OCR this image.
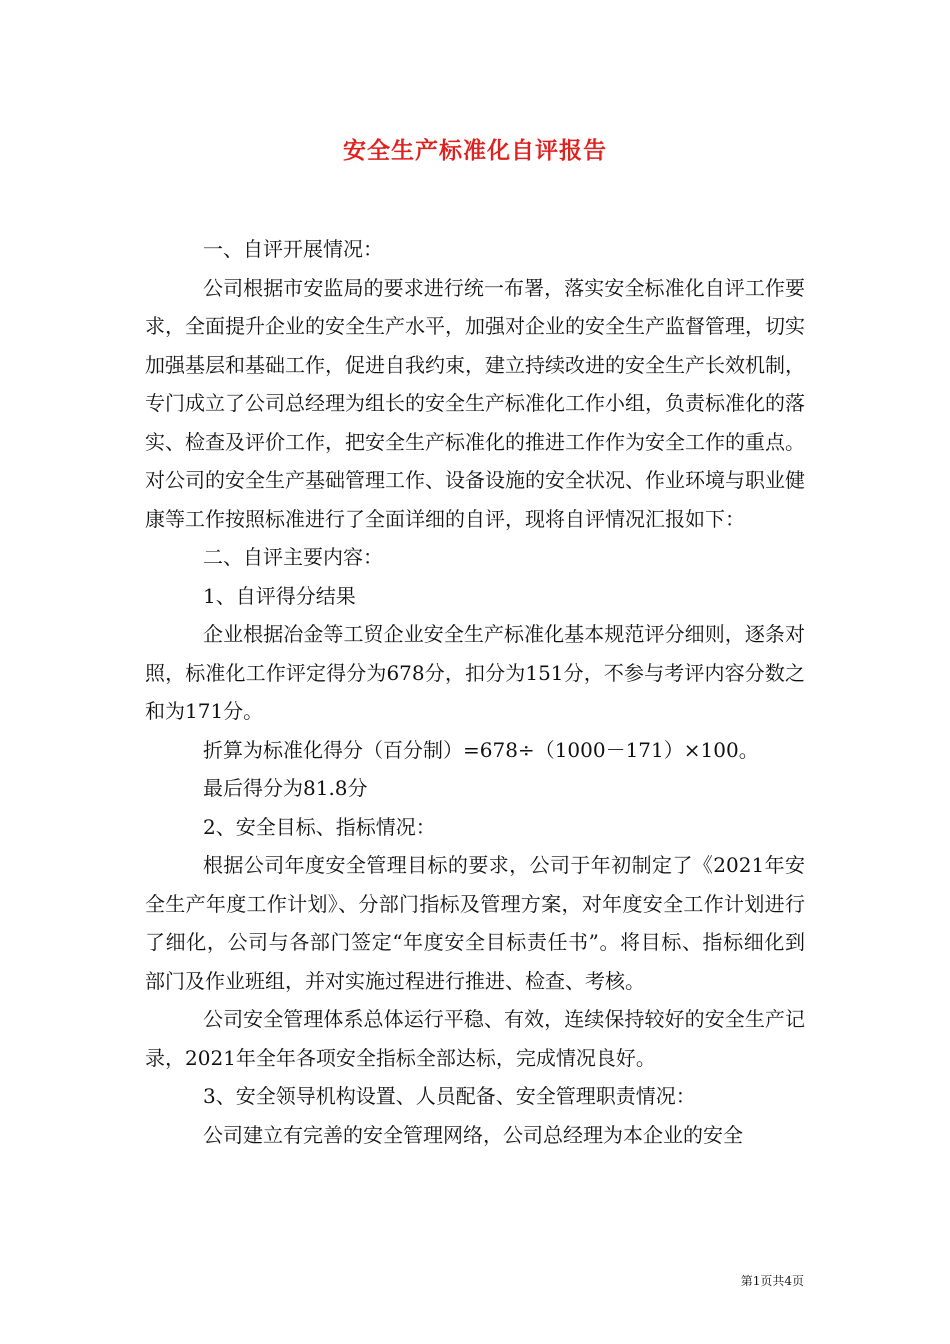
安全生产标准化自评报告

一、自评开展情况：

公司根据市安监局的要求进行统一布署，落实安全标准化自评工作要求，全面提升企业的安全生产水平，加强对企业的安全生产监督管理，切实加强基层和基础工作，促进自我约束，建立持续改进的安全生产长效机制，专门成立了公司总经理为组长的安全生产标准化工作小组，负责标准化的落实、检查及评价工作，把安全生产标准化的推进工作作为安全工作的重点。对公司的安全生产基础管理工作、设备设施的安全状况、作业环境与职业健康等工作按照标准进行了全面详细的自评，现将自评情况汇报如下：

二、自评主要内容：

1、自评得分结果

企业根据冶金等工贸企业安全生产标准化基本规范评分细则，逐条对照，标准化工作评定得分为678分，扣分为151分，不参与考评内容分数之和为171分。

折算为标准化得分（百分制）=678÷（1000－171）×100。

最后得分为81.8分

2、安全目标、指标情况：

根据公司年度安全管理目标的要求，公司于年初制定了《2021年安全生产年度工作计划》、分部门指标及管理方案，对年度安全工作计划进行了细化，公司与各部门签定“年度安全目标责任书”。将目标、指标细化到部门及作业班组，并对实施过程进行推进、检查、考核。

公司安全管理体系总体运行平稳、有效，连续保持较好的安全生产记录，2021年全年各项安全指标全部达标，完成情况良好。

3、安全领导机构设置、人员配备、安全管理职责情况：

公司建立有完善的安全管理网络，公司总经理为本企业的安全

第1页共4页
